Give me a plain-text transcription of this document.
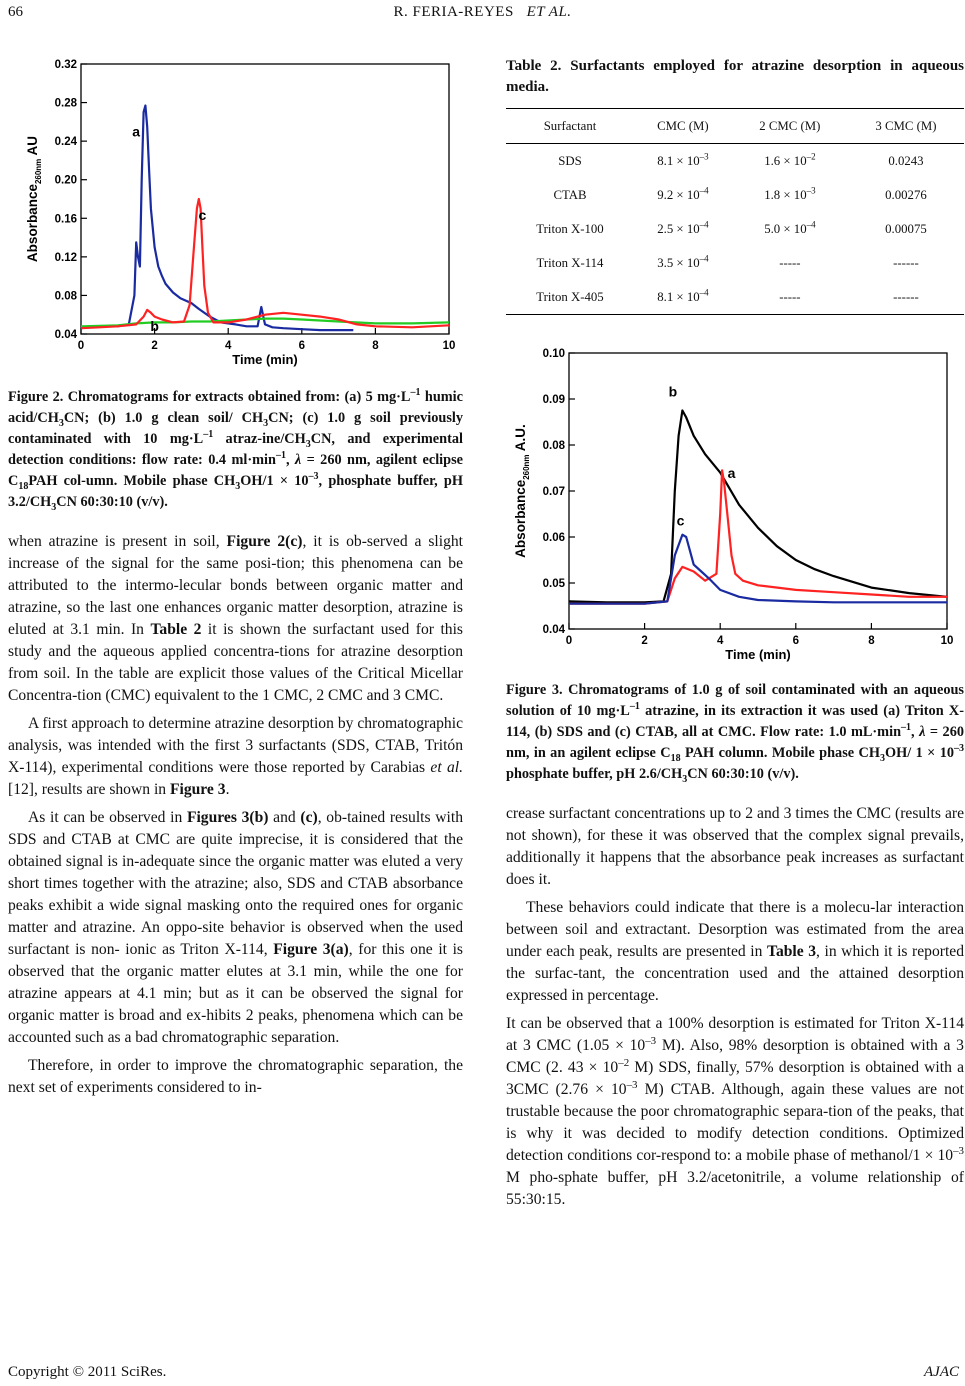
66	R. FERIA-REYES ET AL.
0.04
0.08
0.12
0.16
0.20
0.24
0.28
0.32
0	2	4	6	8	10
Time (min)
Absorbance$_{260nm}$ AU
a
c
b

Figure 2. Chromatograms for extracts obtained from: (a) 5 $mg\cdot L^{-1}$ humic acid/$CH_3CN$; (b) 1.0 g clean soil/ $CH_3CN$; (c) 1.0 g soil previously contaminated with 10 $mg\cdot L^{-1}$ atraz-$ine/CH_3CN$, and experimental detection conditions: flow rate: 0.4 $ml\cdot\min^{-1}$, λ = 260 nm, agilent eclipse $C_{18}PAH$ col-umn. Mobile phase $CH_3OH/1 \times 10^{-3}$, phosphate buffer, pH $3.2/CH_3CN$ 60:30:10 (v/v).

when atrazine is present in soil, Figure 2(c), it is ob-served a slight increase of the signal for the same posi-tion; this phenomena can be attributed to the intermo-lecular bonds between organic matter and atrazine, so the last one enhances organic matter desorption, atrazine is eluted at 3.1 min. In Table 2 it is shown the surfactant used for this study and the aqueous applied concentra-tions for atrazine desorption from soil. In the table are explicit those values of the Critical Micellar Concentra-tion (CMC) equivalent to the 1 CMC, 2 CMC and 3 CMC.

A first approach to determine atrazine desorption by chromatographic analysis, was intended with the first 3 surfactants (SDS, CTAB, Tritón X-114), experimental conditions were those reported by Carabias et al. [12], results are shown in Figure 3.

As it can be observed in Figures 3(b) and (c), ob-tained results with SDS and CTAB at CMC are quite imprecise, it is considered that the obtained signal is in-adequate since the organic matter was eluted a very short times together with the atrazine; also, SDS and CTAB absorbance peaks exhibit a wide signal masking onto the required ones for organic matter and atrazine. An oppo-site behavior is observed when the used surfactant is non- ionic as Triton X-114, Figure 3(a), for this one it is observed that the organic matter elutes at 3.1 min, while the one for atrazine appears at 4.1 min; but as it can be observed the signal for organic matter is broad and ex-hibits 2 peaks, phenomena which can be accounted such as a bad chromatographic separation.

Therefore, in order to improve the chromatographic separation, the next set of experiments considered to in-

Table 2. Surfactants employed for atrazine desorption in aqueous media.

Surfactant	CMC (M)	2 CMC (M)	3 CMC (M)
SDS	$8.1 \times 10^{-3}$	$1.6 \times 10^{-2}$	0.0243
CTAB	$9.2 \times 10^{-4}$	$1.8 \times 10^{-3}$	0.00276
Triton X-100	$2.5 \times 10^{-4}$	$5.0 \times 10^{-4}$	0.00075
Triton X-114	$3.5 \times 10^{-4}$	-----	------
Triton X-405	$8.1 \times 10^{-4}$	-----	------
0.04
0.05
0.06
0.07
0.08
0.09
0.10
0	2	4	6	8	10
Time (min)
Absorbance$_{260nm}$ A.U.
b
a
c

Figure 3. Chromatograms of 1.0 g of soil contaminated with an aqueous solution of 10 $mg\cdot L^{-1}$ atrazine, in its extraction it was used (a) Triton X-114, (b) SDS and (c) CTAB, all at CMC. Flow rate: 1.0 $mL\cdot\min^{-1}$, λ = 260 nm, in an agilent eclipse $C_{18}$ PAH column. Mobile phase $CH_3OH/$ $1 \times 10^{-3}$ phosphate buffer, pH $2.6/CH_3CN$ 60:30:10 (v/v).

crease surfactant concentrations up to 2 and 3 times the CMC (results are not shown), for these it was observed that the complex signal prevails, additionally it happens that the absorbance peak increases as surfactant does it.

These behaviors could indicate that there is a molecu-lar interaction between soil and extractant. Desorption was estimated from the area under each peak, results are presented in Table 3, in which it is reported the surfac-tant, the concentration used and the attained desorption expressed in percentage.

It can be observed that a 100% desorption is estimated for Triton X-114 at 3 CMC ($1.05 \times 10^{-3}$ M). Also, 98% desorption is obtained with a 3 CMC (2. $43 \times 10^{-2}$ M) SDS, finally, 57% desorption is obtained with a 3CMC ($2.76 \times 10^{-3}$ M) CTAB. Although, again these values are not trustable because the poor chromatographic separa-tion of the peaks, that is why it was decided to modify detection conditions. Optimized detection conditions cor-respond to: a mobile phase of methanol/1 × $10^{-3}$ M pho-sphate buffer, pH 3.2/acetonitrile, a volume relationship of 55:30:15.

Copyright © 2011 SciRes.	AJAC
